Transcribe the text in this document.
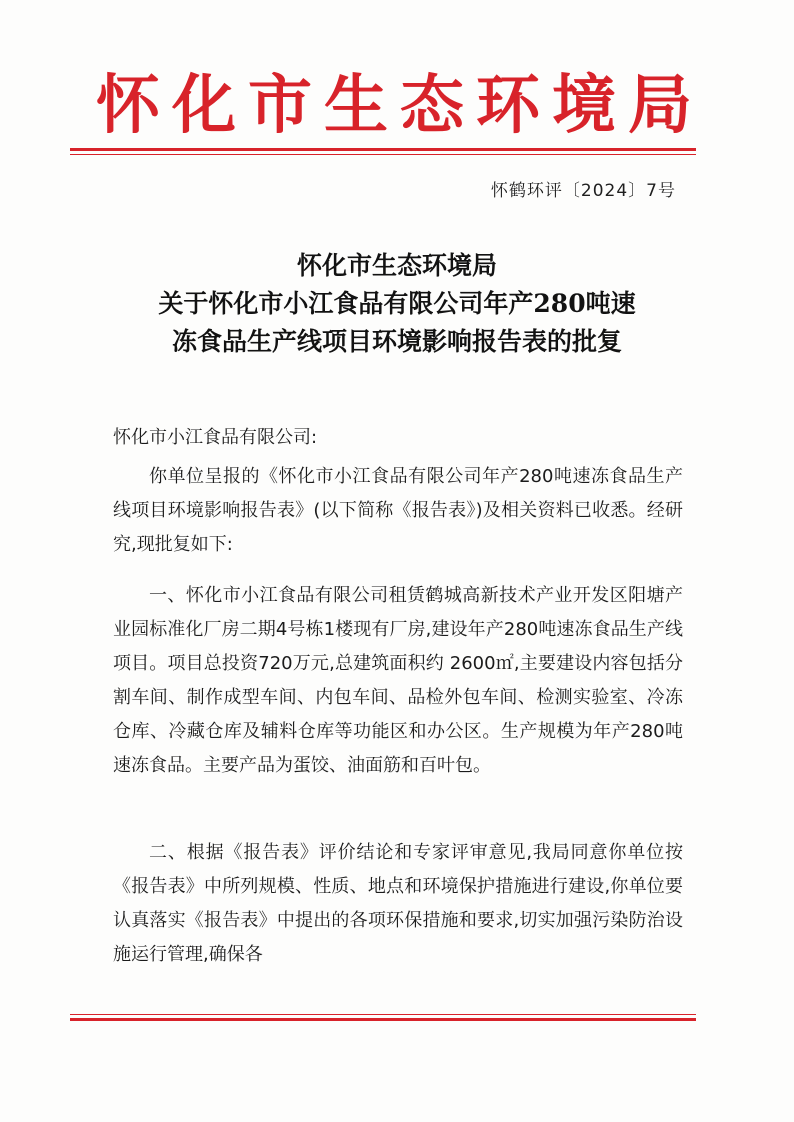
怀化市生态环境局
怀鹤环评〔2024〕7号
怀化市生态环境局
关于怀化市小江食品有限公司年产280吨速
冻食品生产线项目环境影响报告表的批复
怀化市小江食品有限公司:

你单位呈报的《怀化市小江食品有限公司年产280吨速冻食品生产线项目环境影响报告表》(以下简称《报告表》)及相关资料已收悉。经研究,现批复如下:

一、怀化市小江食品有限公司租赁鹤城高新技术产业开发区阳塘产业园标准化厂房二期4号栋1楼现有厂房,建设年产280吨速冻食品生产线项目。项目总投资720万元,总建筑面积约 2600㎡,主要建设内容包括分割车间、制作成型车间、内包车间、品检外包车间、检测实验室、冷冻仓库、冷藏仓库及辅料仓库等功能区和办公区。生产规模为年产280吨速冻食品。主要产品为蛋饺、油面筋和百叶包。

二、根据《报告表》评价结论和专家评审意见,我局同意你单位按《报告表》中所列规模、性质、地点和环境保护措施进行建设,你单位要认真落实《报告表》中提出的各项环保措施和要求,切实加强污染防治设施运行管理,确保各
